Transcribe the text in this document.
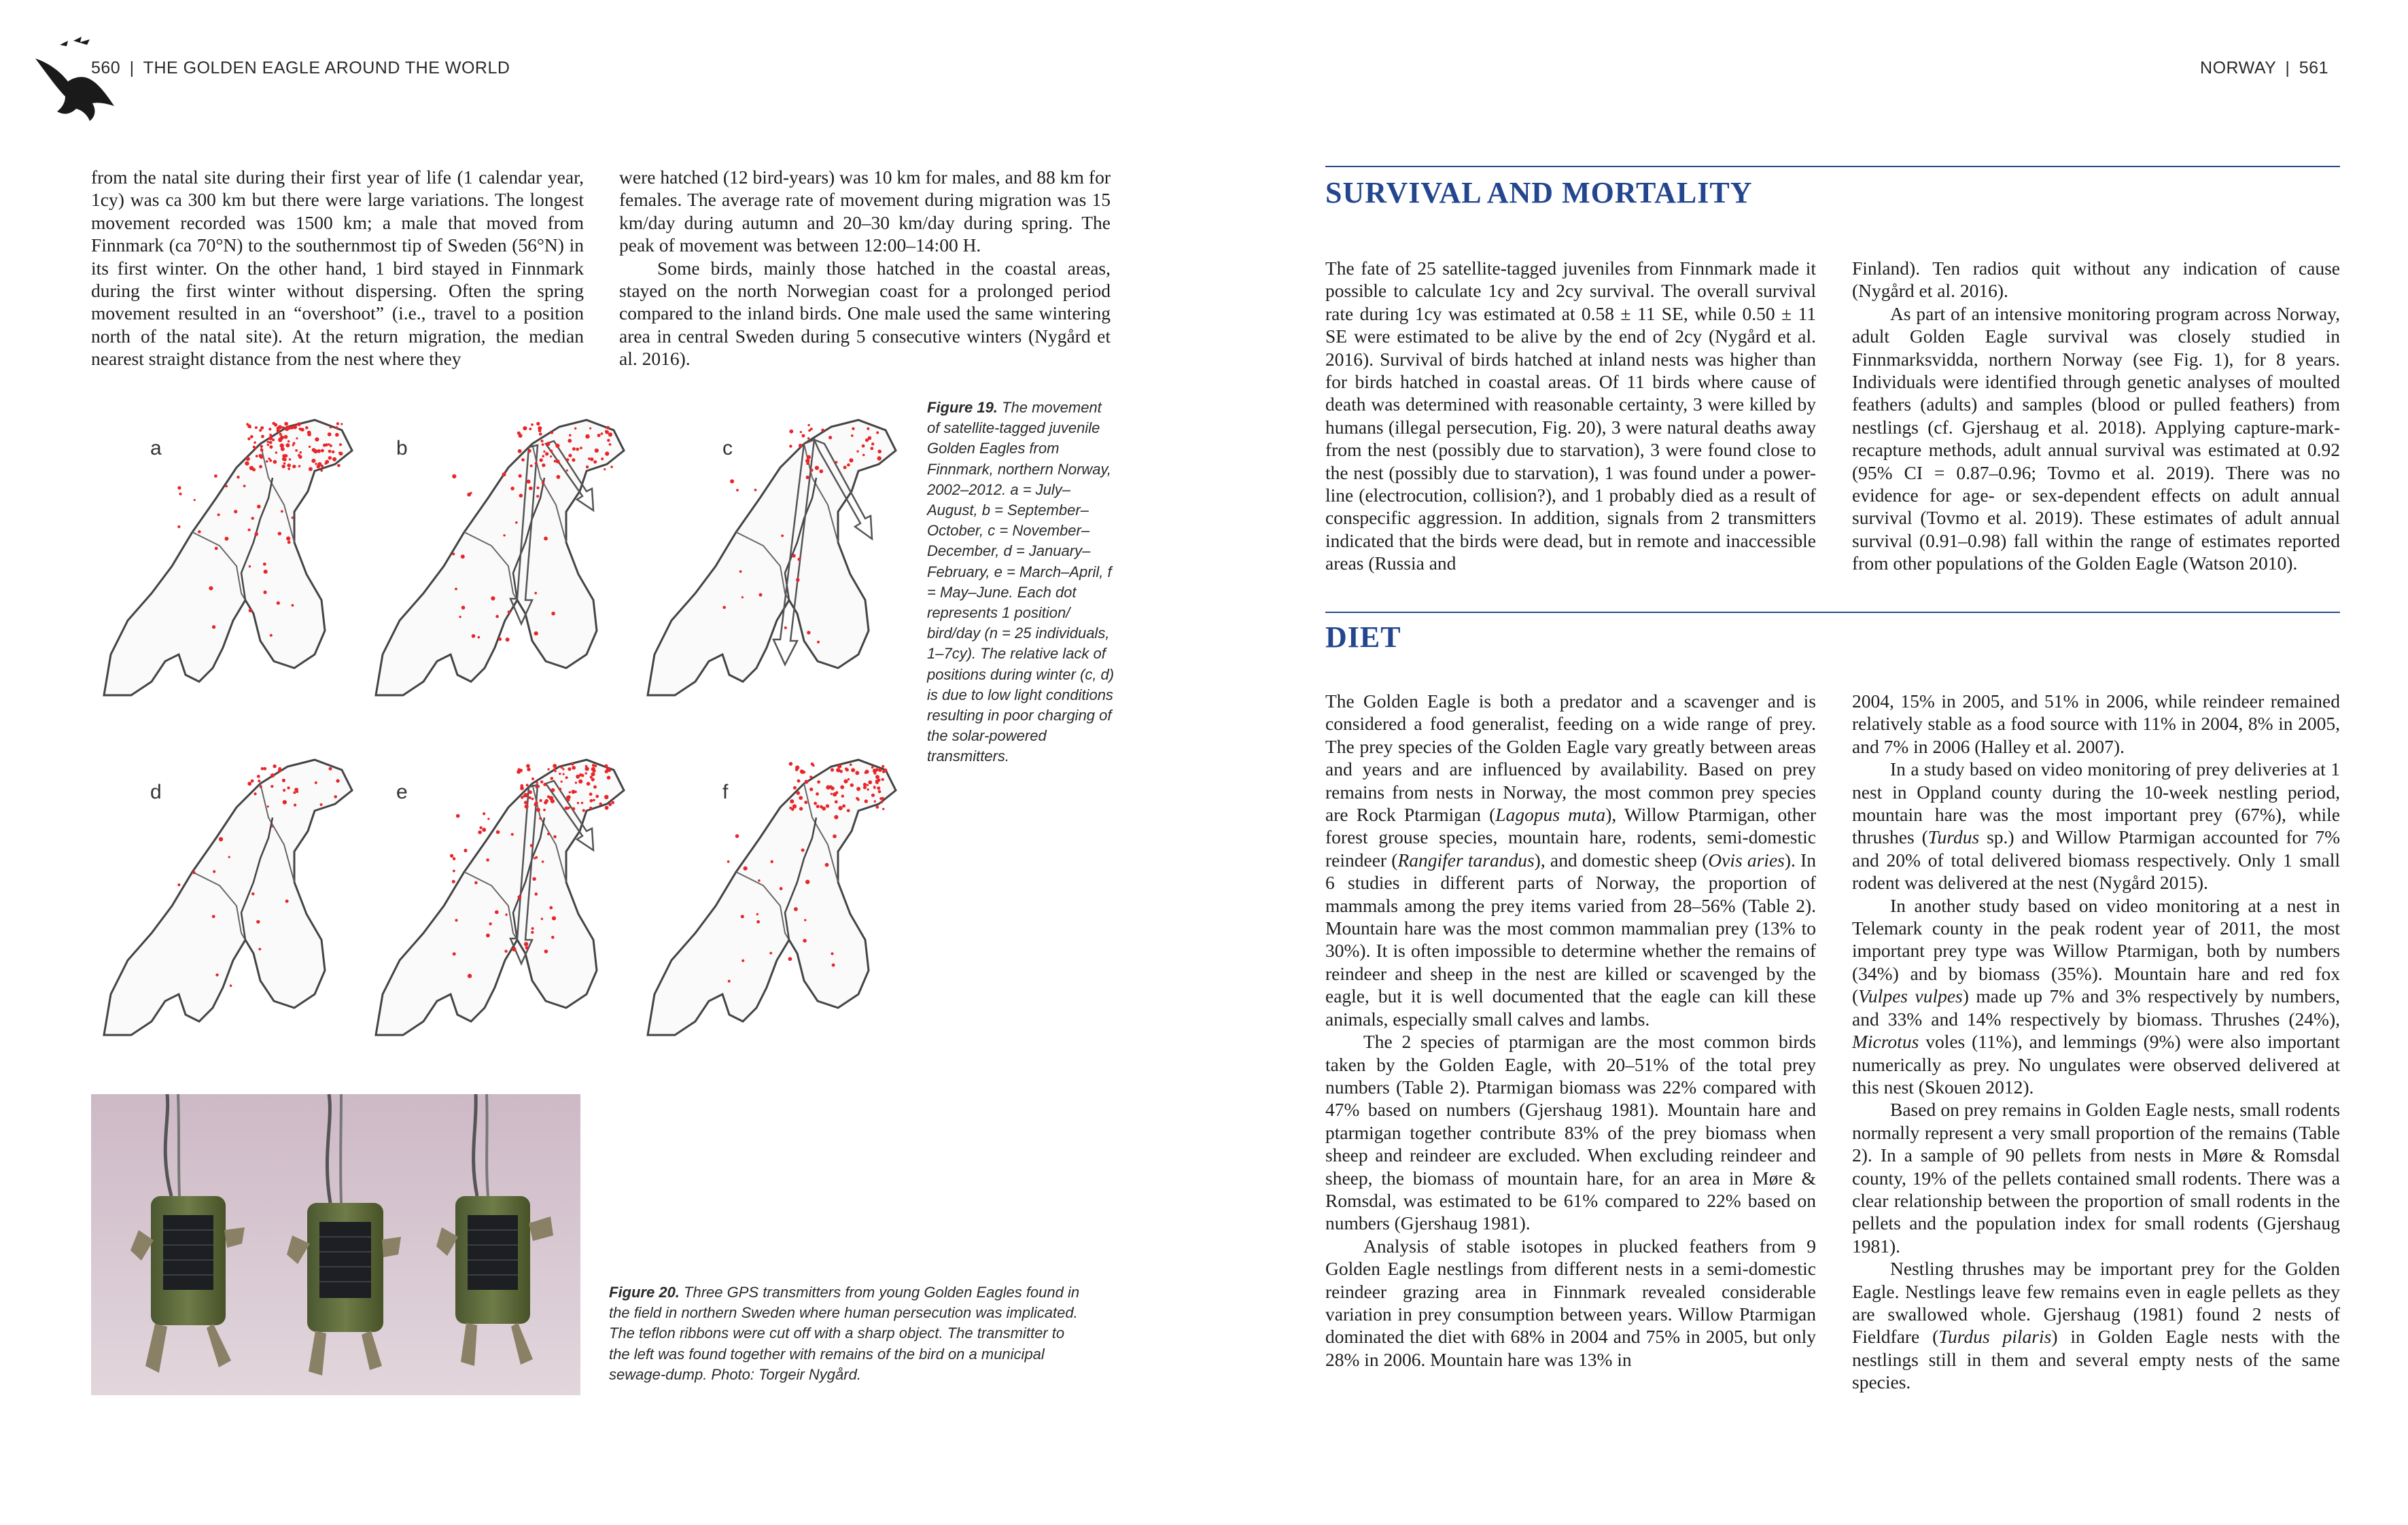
560 | THE GOLDEN EAGLE AROUND THE WORLD	NORWAY | 561

from the natal site during their first year of life (1 calendar year, 1cy) was ca 300 km but there were large variations. The longest movement recorded was 1500 km; a male that moved from Finnmark (ca 70°N) to the southernmost tip of Sweden (56°N) in its first winter. On the other hand, 1 bird stayed in Finnmark during the first winter without dispersing. Often the spring movement resulted in an “overshoot” (i.e., travel to a position north of the natal site). At the return migration, the median nearest straight distance from the nest where they

were hatched (12 bird-years) was 10 km for males, and 88 km for females. The average rate of movement during migration was 15 km/day during autumn and 20–30 km/day during spring. The peak of movement was between 12:00–14:00 H.

Some birds, mainly those hatched in the coastal areas, stayed on the north Norwegian coast for a prolonged period compared to the inland birds. One male used the same wintering area in central Sweden during 5 consecutive winters (Nygård et al. 2016).

a	b	c
d	e	f
Figure 19. The movement of satellite-tagged juvenile Golden Eagles from Finnmark, northern Norway, 2002–2012. a = July–August, b = September–October, c = November–December, d = January–February, e = March–April, f = May–June. Each dot represents 1 position/ bird/day (n = 25 individuals, 1–7cy). The relative lack of positions during winter (c, d) is due to low light conditions resulting in poor charging of the solar-powered transmitters.
Figure 20. Three GPS transmitters from young Golden Eagles found in the field in northern Sweden where human persecution was implicated. The teflon ribbons were cut off with a sharp object. The transmitter to the left was found together with remains of the bird on a municipal sewage-dump. Photo: Torgeir Nygård.
SURVIVAL AND MORTALITY

The fate of 25 satellite-tagged juveniles from Finnmark made it possible to calculate 1cy and 2cy survival. The overall survival rate during 1cy was estimated at 0.58 ± 11 SE, while 0.50 ± 11 SE were estimated to be alive by the end of 2cy (Nygård et al. 2016). Survival of birds hatched at inland nests was higher than for birds hatched in coastal areas. Of 11 birds where cause of death was determined with reasonable certainty, 3 were killed by humans (illegal persecution, Fig. 20), 3 were natural deaths away from the nest (possibly due to starvation), 3 were found close to the nest (possibly due to starvation), 1 was found under a power-line (electrocution, collision?), and 1 probably died as a result of conspecific aggression. In addition, signals from 2 transmitters indicated that the birds were dead, but in remote and inaccessible areas (Russia and

Finland). Ten radios quit without any indication of cause (Nygård et al. 2016).

As part of an intensive monitoring program across Norway, adult Golden Eagle survival was closely studied in Finnmarksvidda, northern Norway (see Fig. 1), for 8 years. Individuals were identified through genetic analyses of moulted feathers (adults) and samples (blood or pulled feathers) from nestlings (cf. Gjershaug et al. 2018). Applying capture-mark-recapture methods, adult annual survival was estimated at 0.92 (95% CI = 0.87–0.96; Tovmo et al. 2019). There was no evidence for age- or sex-dependent effects on adult annual survival (Tovmo et al. 2019). These estimates of adult annual survival (0.91–0.98) fall within the range of estimates reported from other populations of the Golden Eagle (Watson 2010).

DIET

The Golden Eagle is both a predator and a scavenger and is considered a food generalist, feeding on a wide range of prey. The prey species of the Golden Eagle vary greatly between areas and years and are influenced by availability. Based on prey remains from nests in Norway, the most common prey species are Rock Ptarmigan (Lagopus muta), Willow Ptarmigan, other forest grouse species, mountain hare, rodents, semi-domestic reindeer (Rangifer tarandus), and domestic sheep (Ovis aries). In 6 studies in different parts of Norway, the proportion of mammals among the prey items varied from 28–56% (Table 2). Mountain hare was the most common mammalian prey (13% to 30%). It is often impossible to determine whether the remains of reindeer and sheep in the nest are killed or scavenged by the eagle, but it is well documented that the eagle can kill these animals, especially small calves and lambs.

The 2 species of ptarmigan are the most common birds taken by the Golden Eagle, with 20–51% of the total prey numbers (Table 2). Ptarmigan biomass was 22% compared with 47% based on numbers (Gjershaug 1981). Mountain hare and ptarmigan together contribute 83% of the prey biomass when sheep and reindeer are excluded. When excluding reindeer and sheep, the biomass of mountain hare, for an area in Møre & Romsdal, was estimated to be 61% compared to 22% based on numbers (Gjershaug 1981).

Analysis of stable isotopes in plucked feathers from 9 Golden Eagle nestlings from different nests in a semi-domestic reindeer grazing area in Finnmark revealed considerable variation in prey consumption between years. Willow Ptarmigan dominated the diet with 68% in 2004 and 75% in 2005, but only 28% in 2006. Mountain hare was 13% in

2004, 15% in 2005, and 51% in 2006, while reindeer remained relatively stable as a food source with 11% in 2004, 8% in 2005, and 7% in 2006 (Halley et al. 2007).

In a study based on video monitoring of prey deliveries at 1 nest in Oppland county during the 10-week nestling period, mountain hare was the most important prey (67%), while thrushes (Turdus sp.) and Willow Ptarmigan accounted for 7% and 20% of total delivered biomass respectively. Only 1 small rodent was delivered at the nest (Nygård 2015).

In another study based on video monitoring at a nest in Telemark county in the peak rodent year of 2011, the most important prey type was Willow Ptarmigan, both by numbers (34%) and by biomass (35%). Mountain hare and red fox (Vulpes vulpes) made up 7% and 3% respectively by numbers, and 33% and 14% respectively by biomass. Thrushes (24%), Microtus voles (11%), and lemmings (9%) were also important numerically as prey. No ungulates were observed delivered at this nest (Skouen 2012).

Based on prey remains in Golden Eagle nests, small rodents normally represent a very small proportion of the remains (Table 2). In a sample of 90 pellets from nests in Møre & Romsdal county, 19% of the pellets contained small rodents. There was a clear relationship between the proportion of small rodents in the pellets and the population index for small rodents (Gjershaug 1981).

Nestling thrushes may be important prey for the Golden Eagle. Nestlings leave few remains even in eagle pellets as they are swallowed whole. Gjershaug (1981) found 2 nests of Fieldfare (Turdus pilaris) in Golden Eagle nests with the nestlings still in them and several empty nests of the same species.
